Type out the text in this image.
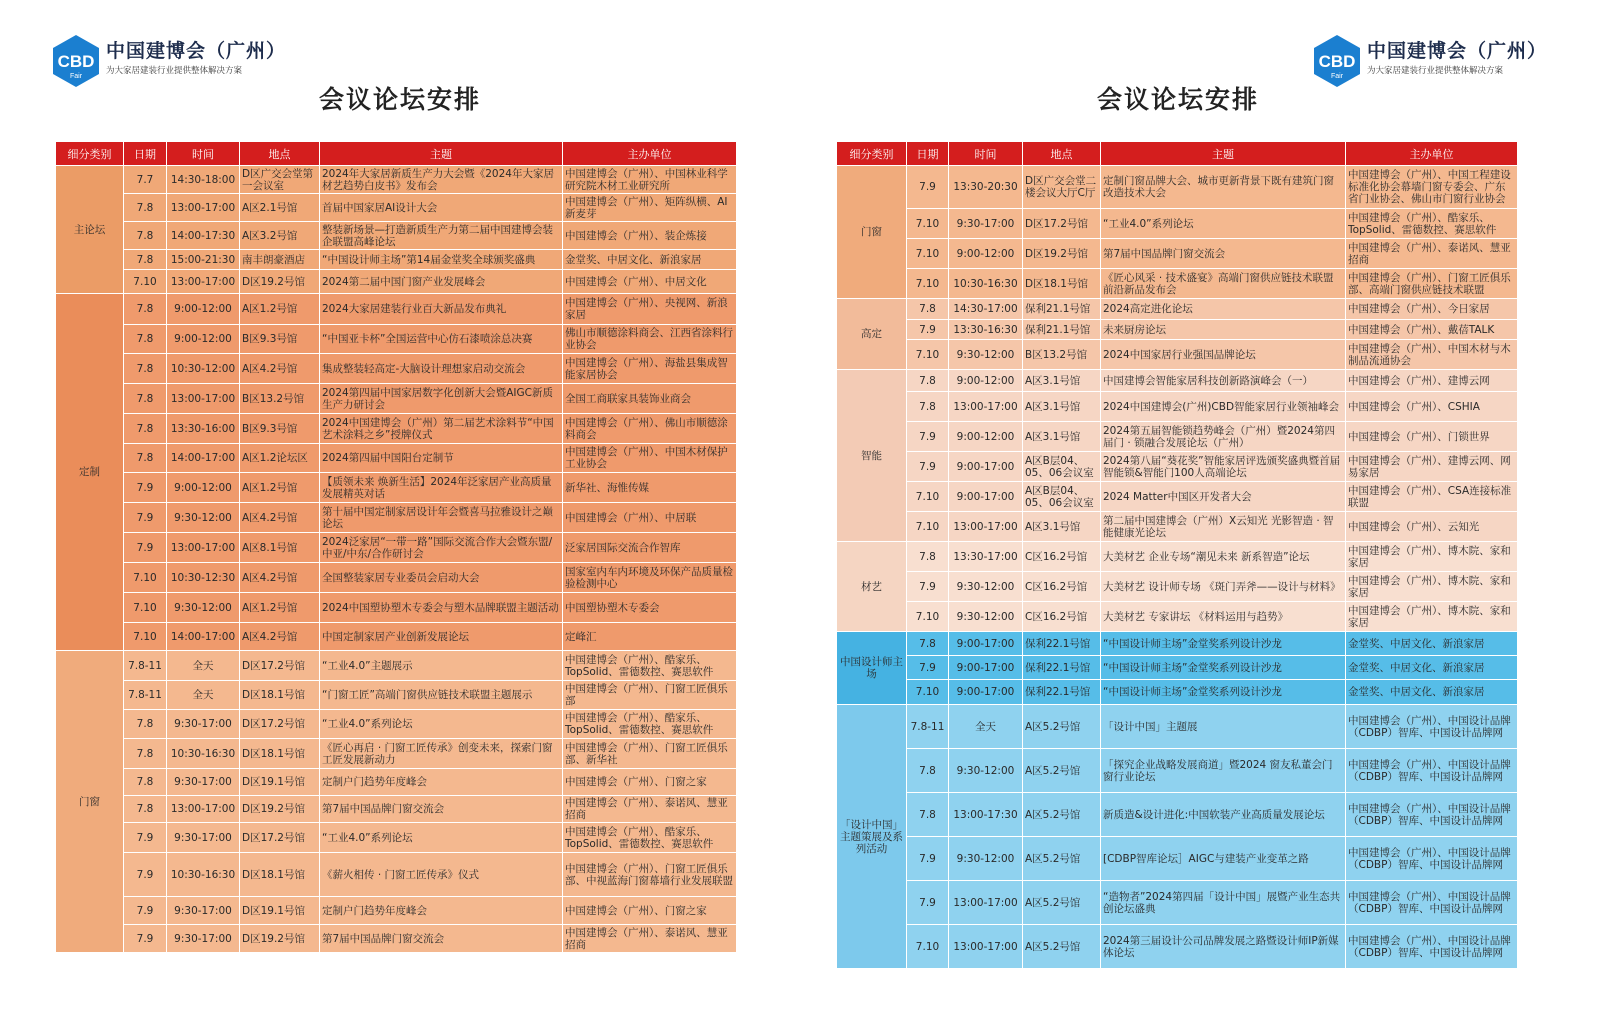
CBD
Fair
中国建博会（广州）
为大家居建装行业提供整体解决方案
会议论坛安排
细分类别	日期	时间	地点	主题	主办单位
主论坛	7.7	14:30-18:00	D区广交会堂第一会议室	2024年大家居新质生产力大会暨《2024年大家居材艺趋势白皮书》发布会	中国建博会（广州）、中国林业科学研究院木材工业研究所
	7.8	13:00-17:00	A区2.1号馆	首届中国家居AI设计大会	中国建博会（广州）、矩阵纵横、AI新麦芽
	7.8	14:00-17:30	A区3.2号馆	整装新场景—打造新质生产力第二届中国建博会装企联盟高峰论坛	中国建博会（广州）、装企炼接
	7.8	15:00-21:30	南丰朗豪酒店	“中国设计师主场”第14届金堂奖全球颁奖盛典	金堂奖、中居文化、新浪家居
	7.10	13:00-17:00	D区19.2号馆	2024第二届中国门窗产业发展峰会	中国建博会（广州）、中居文化
定制	7.8	9:00-12:00	A区1.2号馆	2024大家居建装行业百大新品发布典礼	中国建博会（广州）、央视网、新浪家居
	7.8	9:00-12:00	B区9.3号馆	“中国亚卡杯”全国运营中心仿石漆喷涂总决赛	佛山市顺德涂料商会、江西省涂料行业协会
	7.8	10:30-12:00	A区4.2号馆	集成整装轻高定-大脑设计理想家启动交流会	中国建博会（广州）、海盐县集成智能家居协会
	7.8	13:00-17:00	B区13.2号馆	2024第四届中国家居数字化创新大会暨AIGC新质生产力研讨会	全国工商联家具装饰业商会
	7.8	13:30-16:00	B区9.3号馆	2024中国建博会（广州）第二届艺术涂料节“中国艺术涂料之乡”授牌仪式	中国建博会（广州）、佛山市顺德涂料商会
	7.8	14:00-17:00	A区1.2论坛区	2024第四届中国阳台定制节	中国建博会（广州）、中国木材保护工业协会
	7.9	9:00-12:00	A区1.2号馆	【质领未来 焕新生活】2024年泛家居产业高质量发展精英对话	新华社、海惟传媒
	7.9	9:30-12:00	A区4.2号馆	第十届中国定制家居设计年会暨喜马拉雅设计之巅论坛	中国建博会（广州）、中居联
	7.9	13:00-17:00	A区8.1号馆	2024泛家居“一带一路”国际交流合作大会暨东盟/中亚/中东/合作研讨会	泛家居国际交流合作智库
	7.10	10:30-12:30	A区4.2号馆	全国整装家居专业委员会启动大会	国家室内车内环境及环保产品质量检验检测中心
	7.10	9:30-12:00	A区1.2号馆	2024中国塑协塑木专委会与塑木品牌联盟主题活动	中国塑协塑木专委会
	7.10	14:00-17:00	A区4.2号馆	中国定制家居产业创新发展论坛	定峰汇
门窗	7.8-11	全天	D区17.2号馆	“工业4.0”主题展示	中国建博会（广州）、酷家乐、TopSolid、雷德数控、赛思软件
	7.8-11	全天	D区18.1号馆	“门窗工匠”高端门窗供应链技术联盟主题展示	中国建博会（广州）、门窗工匠俱乐部
	7.8	9:30-17:00	D区17.2号馆	“工业4.0”系列论坛	中国建博会（广州）、酷家乐、TopSolid、雷德数控、赛思软件
	7.8	10:30-16:30	D区18.1号馆	《匠心再启 · 门窗工匠传承》创变未来，探索门窗工匠发展新动力	中国建博会（广州）、门窗工匠俱乐部、新华社
	7.8	9:30-17:00	D区19.1号馆	定制户门趋势年度峰会	中国建博会（广州）、门窗之家
	7.8	13:00-17:00	D区19.2号馆	第7届中国品牌门窗交流会	中国建博会（广州）、泰诺风、慧亚招商
	7.9	9:30-17:00	D区17.2号馆	“工业4.0”系列论坛	中国建博会（广州）、酷家乐、TopSolid、雷德数控、赛思软件
	7.9	10:30-16:30	D区18.1号馆	《薪火相传 · 门窗工匠传承》仪式	中国建博会（广州）、门窗工匠俱乐部、中视蓝海门窗幕墙行业发展联盟
	7.9	9:30-17:00	D区19.1号馆	定制户门趋势年度峰会	中国建博会（广州）、门窗之家
	7.9	9:30-17:00	D区19.2号馆	第7届中国品牌门窗交流会	中国建博会（广州）、泰诺风、慧亚招商
CBD
Fair
中国建博会（广州）
为大家居建装行业提供整体解决方案
会议论坛安排
细分类别	日期	时间	地点	主题	主办单位
门窗	7.9	13:30-20:30	D区广交会堂二楼会议大厅C厅	定制门窗品牌大会、城市更新背景下既有建筑门窗改造技术大会	中国建博会（广州）、中国工程建设标准化协会幕墙门窗专委会、广东省门业协会、佛山市门窗行业协会
	7.10	9:30-17:00	D区17.2号馆	“工业4.0”系列论坛	中国建博会（广州）、酷家乐、TopSolid、雷德数控、赛思软件
	7.10	9:00-12:00	D区19.2号馆	第7届中国品牌门窗交流会	中国建博会（广州）、泰诺风、慧亚招商
	7.10	10:30-16:30	D区18.1号馆	《匠心风采 · 技术盛宴》高端门窗供应链技术联盟前沿新品发布会	中国建博会（广州）、门窗工匠俱乐部、高端门窗供应链技术联盟
高定	7.8	14:30-17:00	保利21.1号馆	2024高定进化论坛	中国建博会（广州）、今日家居
	7.9	13:30-16:30	保利21.1号馆	未来厨房论坛	中国建博会（广州）、戴蓓TALK
	7.10	9:30-12:00	B区13.2号馆	2024中国家居行业强国品牌论坛	中国建博会（广州）、中国木材与木制品流通协会
智能	7.8	9:00-12:00	A区3.1号馆	中国建博会智能家居科技创新路演峰会（一）	中国建博会（广州）、建博云网
	7.8	13:00-17:00	A区3.1号馆	2024中国建博会(广州)CBD智能家居行业领袖峰会	中国建博会（广州）、CSHIA
	7.9	9:00-12:00	A区3.1号馆	2024第五届智能锁趋势峰会（广州）暨2024第四届门 · 锁融合发展论坛（广州）	中国建博会（广州）、门锁世界
	7.9	9:00-17:00	A区B层04、05、06会议室	2024第八届“葵花奖”智能家居评选颁奖盛典暨首届智能锁&智能门100人高端论坛	中国建博会（广州）、建博云网、网易家居
	7.10	9:00-17:00	A区B层04、05、06会议室	2024 Matter中国区开发者大会	中国建博会（广州）、CSA连接标准联盟
	7.10	13:00-17:00	A区3.1号馆	第二届中国建博会（广州）X云知光 光影智造 · 智能健康光论坛	中国建博会（广州）、云知光
材艺	7.8	13:30-17:00	C区16.2号馆	大美材艺 企业专场“潮见未来 新系智造”论坛	中国建博会（广州）、博木院、家和家居
	7.9	9:30-12:00	C区16.2号馆	大美材艺 设计师专场 《斑门弄斧——设计与材料》	中国建博会（广州）、博木院、家和家居
	7.10	9:30-12:00	C区16.2号馆	大美材艺 专家讲坛 《材料运用与趋势》	中国建博会（广州）、博木院、家和家居
中国设计师主场	7.8	9:00-17:00	保利22.1号馆	“中国设计师主场”金堂奖系列设计沙龙	金堂奖、中居文化、新浪家居
	7.9	9:00-17:00	保利22.1号馆	“中国设计师主场”金堂奖系列设计沙龙	金堂奖、中居文化、新浪家居
	7.10	9:00-17:00	保利22.1号馆	“中国设计师主场”金堂奖系列设计沙龙	金堂奖、中居文化、新浪家居
「设计中国」主题策展及系列活动	7.8-11	全天	A区5.2号馆	「设计中国」主题展	中国建博会（广州）、中国设计品牌（CDBP）智库、中国设计品牌网
	7.8	9:30-12:00	A区5.2号馆	「探究企业战略发展商道」暨2024 窗友私董会门窗行业论坛	中国建博会（广州）、中国设计品牌（CDBP）智库、中国设计品牌网
	7.8	13:00-17:30	A区5.2号馆	新质造&设计进化:中国软装产业高质量发展论坛	中国建博会（广州）、中国设计品牌（CDBP）智库、中国设计品牌网
	7.9	9:30-12:00	A区5.2号馆	[CDBP智库论坛］AIGC与建装产业变革之路	中国建博会（广州）、中国设计品牌（CDBP）智库、中国设计品牌网
	7.9	13:00-17:00	A区5.2号馆	“造物者”2024第四届「设计中国」展暨产业生态共创论坛盛典	中国建博会（广州）、中国设计品牌（CDBP）智库、中国设计品牌网
	7.10	13:00-17:00	A区5.2号馆	2024第三届设计公司品牌发展之路暨设计师IP新媒体论坛	中国建博会（广州）、中国设计品牌（CDBP）智库、中国设计品牌网
